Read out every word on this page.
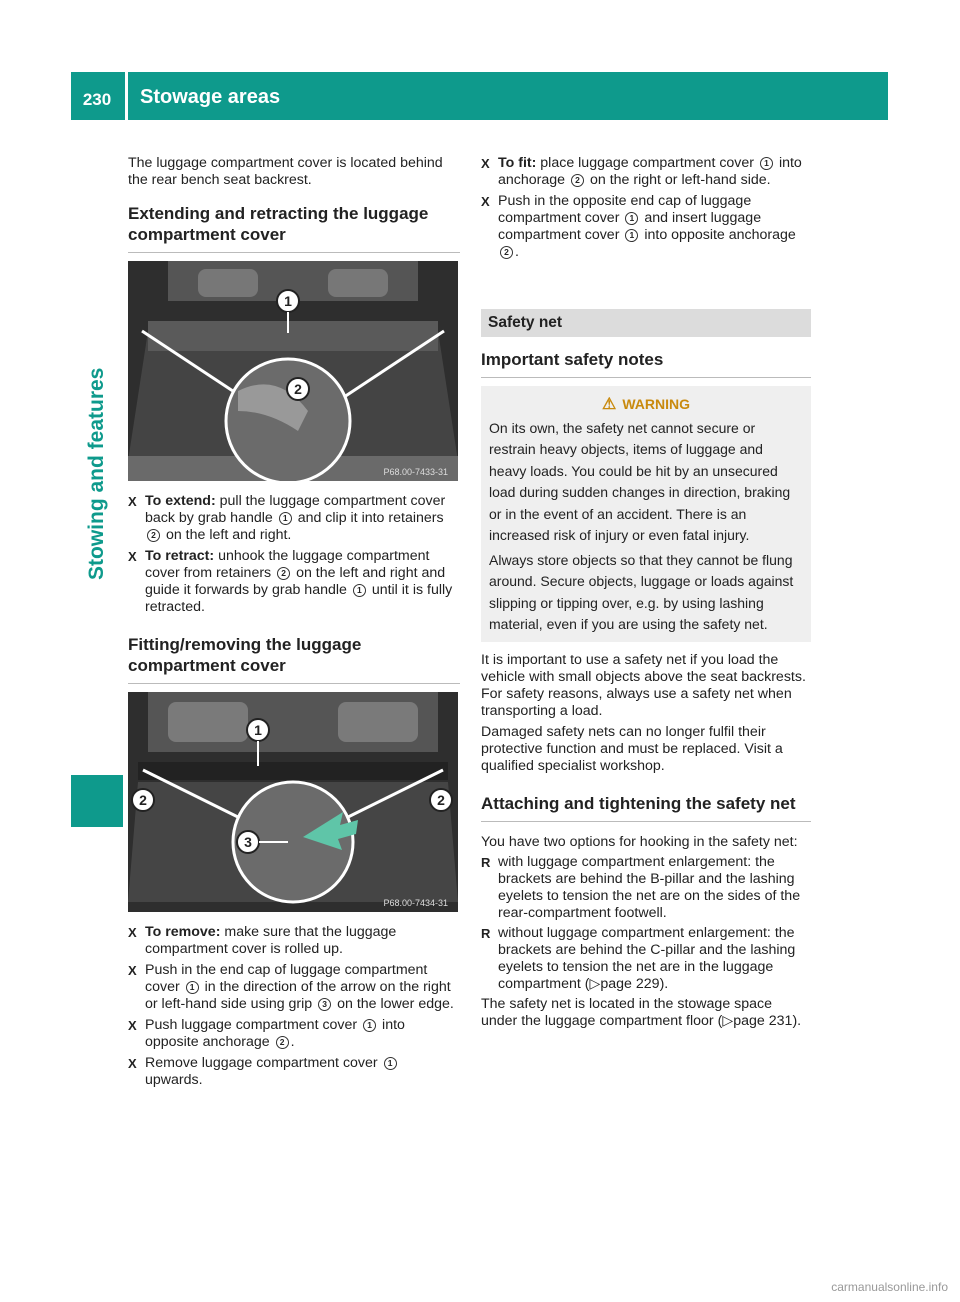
230	Stowage areas
Stowing and features

The luggage compartment cover is located behind the rear bench seat backrest.

Extending and retracting the luggage compartment cover
1
2
P68.00-7433-31
X To extend: pull the luggage compartment cover back by grab handle 1 and clip it into retainers 2 on the left and right.
X To retract: unhook the luggage compartment cover from retainers 2 on the left and right and guide it forwards by grab handle 1 until it is fully retracted.
Fitting/removing the luggage compartment cover
1
2	2
3
P68.00-7434-31
X To remove: make sure that the luggage compartment cover is rolled up.
X Push in the end cap of luggage compartment cover 1 in the direction of the arrow on the right or left-hand side using grip 3 on the lower edge.
X Push luggage compartment cover 1 into opposite anchorage 2 .
X Remove luggage compartment cover 1 upwards.
X To fit: place luggage compartment cover 1 into anchorage 2 on the right or left-hand side.
X Push in the opposite end cap of luggage compartment cover 1 and insert luggage compartment cover 1 into opposite anchorage 2 .
Safety net
Important safety notes
⚠ WARNING

On its own, the safety net cannot secure or restrain heavy objects, items of luggage and heavy loads. You could be hit by an unsecured load during sudden changes in direction, braking or in the event of an accident. There is an increased risk of injury or even fatal injury.

Always store objects so that they cannot be flung around. Secure objects, luggage or loads against slipping or tipping over, e.g. by using lashing material, even if you are using the safety net.

It is important to use a safety net if you load the vehicle with small objects above the seat backrests. For safety reasons, always use a safety net when transporting a load.

Damaged safety nets can no longer fulfil their protective function and must be replaced. Visit a qualified specialist workshop.

Attaching and tightening the safety net

You have two options for hooking in the safety net:

R with luggage compartment enlargement: the brackets are behind the B-pillar and the lashing eyelets to tension the net are on the sides of the rear-compartment footwell.
R without luggage compartment enlargement: the brackets are behind the C-pillar and the lashing eyelets to tension the net are in the luggage compartment (▷page 229).

The safety net is located in the stowage space under the luggage compartment floor (▷page 231).

carmanualsonline.info
